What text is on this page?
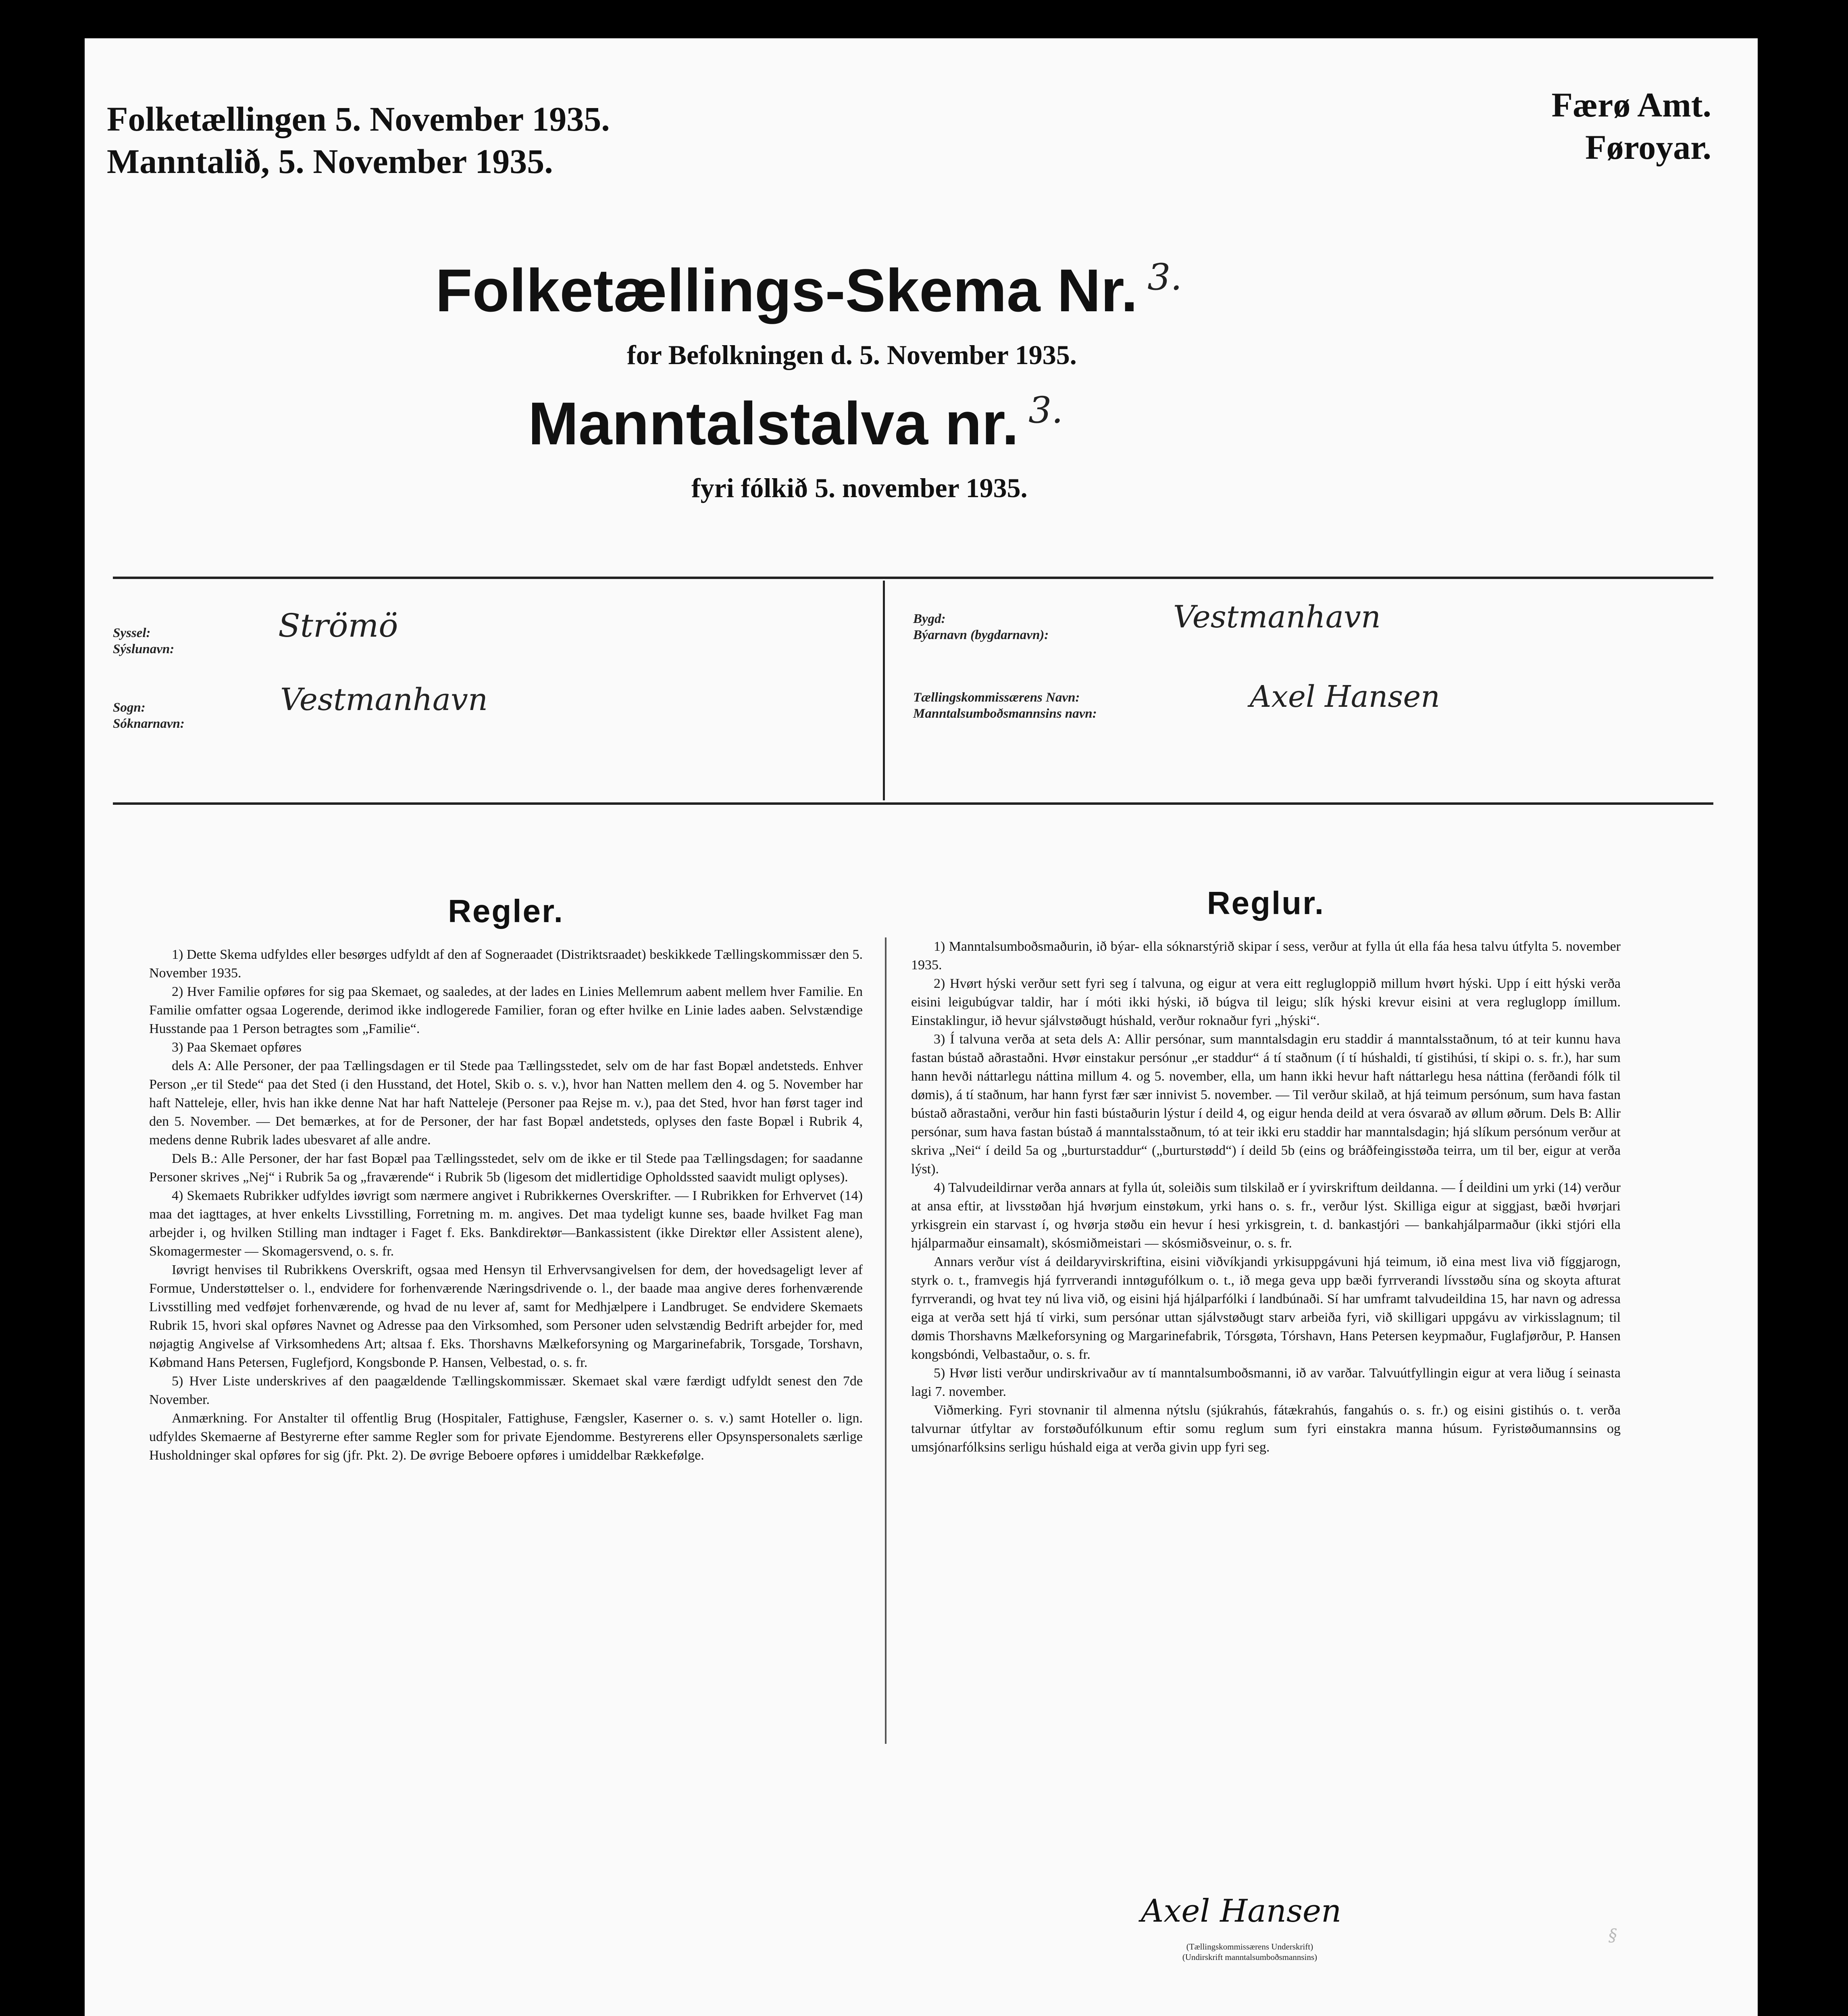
Folketællingen 5. November 1935.
Manntalið, 5. November 1935.
Færø Amt.
Føroyar.
Folketællings-Skema Nr. 3.
for Befolkningen d. 5. November 1935.
Manntalstalva nr. 3.
fyri fólkið 5. november 1935.
Syssel:
Sýslunavn:
Strömö
Sogn:
Sóknarnavn:
Vestmanhavn
Bygd:
Býarnavn (bygdarnavn):
Vestmanhavn
Tællingskommissærens Navn:
Manntalsumboðsmannsins navn:	Axel Hansen
Regler.

1) Dette Skema udfyldes eller besørges udfyldt af den af Sogneraadet (Distriktsraadet) beskikkede Tællingskommissær den 5. November 1935.

2) Hver Familie opføres for sig paa Skemaet, og saaledes, at der lades en Linies Mellemrum aabent mellem hver Familie. En Familie omfatter ogsaa Logerende, derimod ikke indlogerede Familier, foran og efter hvilke en Linie lades aaben. Selvstændige Husstande paa 1 Person betragtes som „Familie“.

3) Paa Skemaet opføres

dels A: Alle Personer, der paa Tællingsdagen er til Stede paa Tællingsstedet, selv om de har fast Bopæl andetsteds. Enhver Person „er til Stede“ paa det Sted (i den Husstand, det Hotel, Skib o. s. v.), hvor han Natten mellem den 4. og 5. November har haft Natteleje, eller, hvis han ikke denne Nat har haft Natteleje (Personer paa Rejse m. v.), paa det Sted, hvor han først tager ind den 5. November. — Det bemærkes, at for de Personer, der har fast Bopæl andetsteds, oplyses den faste Bopæl i Rubrik 4, medens denne Rubrik lades ubesvaret af alle andre.

Dels B.: Alle Personer, der har fast Bopæl paa Tællingsstedet, selv om de ikke er til Stede paa Tællingsdagen; for saadanne Personer skrives „Nej“ i Rubrik 5a og „fraværende“ i Rubrik 5b (ligesom det midlertidige Opholdssted saavidt muligt oplyses).

4) Skemaets Rubrikker udfyldes iøvrigt som nærmere angivet i Rubrikkernes Overskrifter. — I Rubrikken for Erhvervet (14) maa det iagttages, at hver enkelts Livsstilling, Forretning m. m. angives. Det maa tydeligt kunne ses, baade hvilket Fag man arbejder i, og hvilken Stilling man indtager i Faget f. Eks. Bankdirektør—Bankassistent (ikke Direktør eller Assistent alene), Skomagermester — Skomagersvend, o. s. fr.

Iøvrigt henvises til Rubrikkens Overskrift, ogsaa med Hensyn til Erhvervsangivelsen for dem, der hovedsageligt lever af Formue, Understøttelser o. l., endvidere for forhenværende Næringsdrivende o. l., der baade maa angive deres forhenværende Livsstilling med vedføjet forhenværende, og hvad de nu lever af, samt for Medhjælpere i Landbruget. Se endvidere Skemaets Rubrik 15, hvori skal opføres Navnet og Adresse paa den Virksomhed, som Personer uden selvstændig Bedrift arbejder for, med nøjagtig Angivelse af Virksomhedens Art; altsaa f. Eks. Thorshavns Mælkeforsyning og Margarinefabrik, Torsgade, Torshavn, Købmand Hans Petersen, Fuglefjord, Kongsbonde P. Hansen, Velbestad, o. s. fr.

5) Hver Liste underskrives af den paagældende Tællingskommissær. Skemaet skal være færdigt udfyldt senest den 7de November.

Anmærkning. For Anstalter til offentlig Brug (Hospitaler, Fattighuse, Fængsler, Kaserner o. s. v.) samt Hoteller o. lign. udfyldes Skemaerne af Bestyrerne efter samme Regler som for private Ejendomme. Bestyrerens eller Opsynspersonalets særlige Husholdninger skal opføres for sig (jfr. Pkt. 2). De øvrige Beboere opføres i umiddelbar Rækkefølge.

Reglur.

1) Manntalsumboðsmaðurin, ið býar- ella sóknarstýrið skipar í sess, verður at fylla út ella fáa hesa talvu útfylta 5. november 1935.

2) Hvørt hýski verður sett fyri seg í talvuna, og eigur at vera eitt reglugloppið millum hvørt hýski. Upp í eitt hýski verða eisini leigubúgvar taldir, har í móti ikki hýski, ið búgva til leigu; slík hýski krevur eisini at vera regluglopp ímillum. Einstaklingur, ið hevur sjálvstøðugt húshald, verður roknaður fyri „hýski“.

3) Í talvuna verða at seta dels A: Allir persónar, sum manntalsdagin eru staddir á manntalsstaðnum, tó at teir kunnu hava fastan bústað aðrastaðni. Hvør einstakur persónur „er staddur“ á tí staðnum (í tí húshaldi, tí gistihúsi, tí skipi o. s. fr.), har sum hann hevði náttarlegu náttina millum 4. og 5. november, ella, um hann ikki hevur haft náttarlegu hesa náttina (ferðandi fólk til dømis), á tí staðnum, har hann fyrst fær sær innivist 5. november. — Til verður skilað, at hjá teimum persónum, sum hava fastan bústað aðrastaðni, verður hin fasti bústaðurin lýstur í deild 4, og eigur henda deild at vera ósvarað av øllum øðrum. Dels B: Allir persónar, sum hava fastan bústað á manntalsstaðnum, tó at teir ikki eru staddir har manntalsdagin; hjá slíkum persónum verður at skriva „Nei“ í deild 5a og „burturstaddur“ („burturstødd“) í deild 5b (eins og bráðfeingisstøða teirra, um til ber, eigur at verða lýst).

4) Talvudeildirnar verða annars at fylla út, soleiðis sum tilskilað er í yvirskriftum deildanna. — Í deildini um yrki (14) verður at ansa eftir, at livsstøðan hjá hvørjum einstøkum, yrki hans o. s. fr., verður lýst. Skilliga eigur at siggjast, bæði hvørjari yrkisgrein ein starvast í, og hvørja støðu ein hevur í hesi yrkisgrein, t. d. bankastjóri — bankahjálparmaður (ikki stjóri ella hjálparmaður einsamalt), skósmiðmeistari — skósmiðsveinur, o. s. fr.

Annars verður víst á deildaryvirskriftina, eisini viðvíkjandi yrkisuppgávuni hjá teimum, ið eina mest liva við fíggjarogn, styrk o. t., framvegis hjá fyrrverandi inntøgufólkum o. t., ið mega geva upp bæði fyrrverandi lívsstøðu sína og skoyta afturat fyrrverandi, og hvat tey nú liva við, og eisini hjá hjálparfólki í landbúnaði. Sí har umframt talvudeildina 15, har navn og adressa eiga at verða sett hjá tí virki, sum persónar uttan sjálvstøðugt starv arbeiða fyri, við skilligari uppgávu av virkisslagnum; til dømis Thorshavns Mælkeforsyning og Margarinefabrik, Tórsgøta, Tórshavn, Hans Petersen keypmaður, Fuglafjørður, P. Hansen kongsbóndi, Velbastaður, o. s. fr.

5) Hvør listi verður undirskrivaður av tí manntalsumboðsmanni, ið av varðar. Talvuútfyllingin eigur at vera liðug í seinasta lagi 7. november.

Viðmerking. Fyri stovnanir til almenna nýtslu (sjúkrahús, fátækrahús, fangahús o. s. fr.) og eisini gistihús o. t. verða talvurnar útfyltar av forstøðufólkunum eftir somu reglum sum fyri einstakra manna húsum. Fyristøðumannsins og umsjónarfólksins serligu húshald eiga at verða givin upp fyri seg.

§
Axel Hansen
(Tællingskommissærens Underskrift)
(Undirskrift manntalsumboðsmannsins)
